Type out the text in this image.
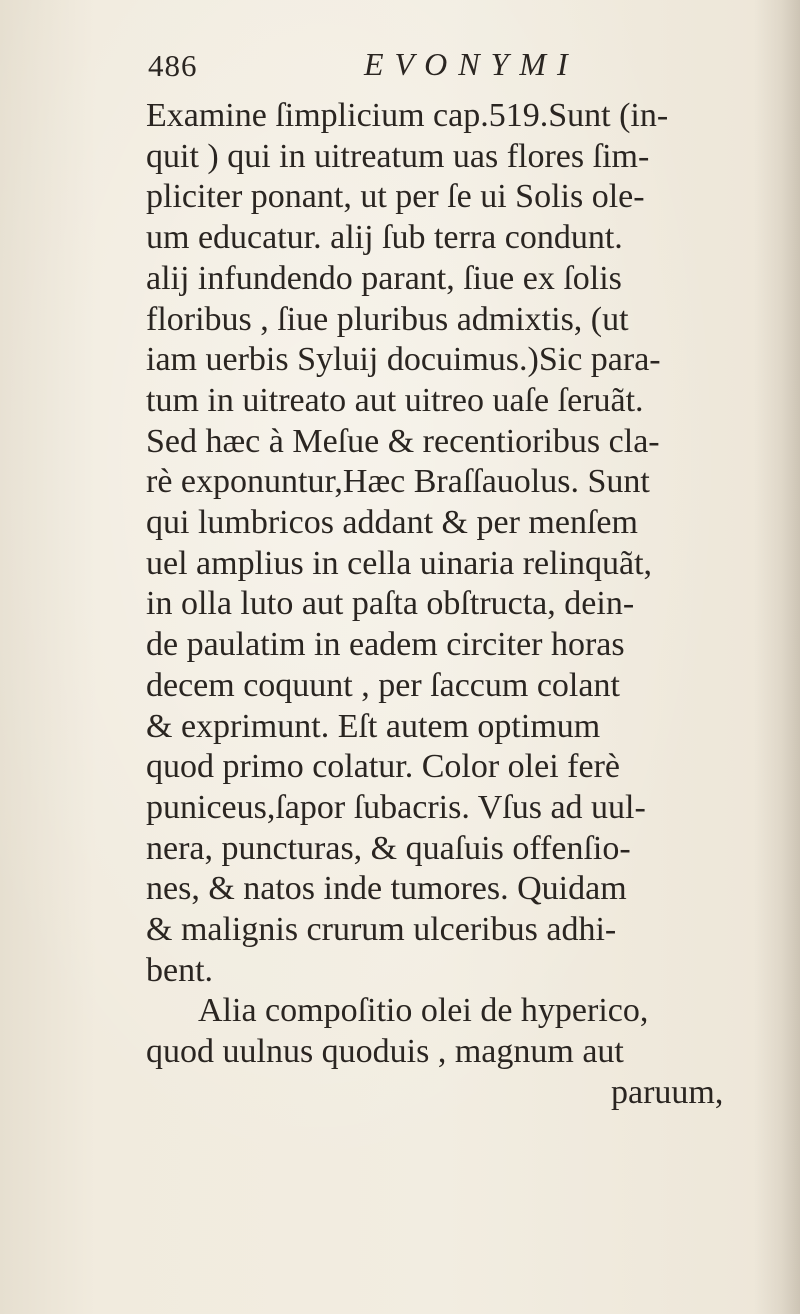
486	EVONYMI
Examine ſimplicium cap.519.Sunt (in-
quit ) qui in uitreatum uas flores ſim-
pliciter ponant, ut per ſe ui Solis ole-
um educatur. alij ſub terra condunt.
alij infundendo parant, ſiue ex ſolis
floribus , ſiue pluribus admixtis, (ut
iam uerbis Syluij docuimus.)Sic para-
tum in uitreato aut uitreo uaſe ſeruãt.
Sed hæc à Meſue & recentioribus cla-
rè exponuntur,Hæc Braſſauolus. Sunt
qui lumbricos addant & per menſem
uel amplius in cella uinaria relinquãt,
in olla luto aut paſta obſtructa, dein-
de paulatim in eadem circiter horas
decem coquunt , per ſaccum colant
& exprimunt. Eſt autem optimum
quod primo colatur. Color olei ferè
puniceus,ſapor ſubacris. Vſus ad uul-
nera, puncturas, & quaſuis offenſio-
nes, & natos inde tumores. Quidam
& malignis crurum ulceribus adhi-
bent.
Alia compoſitio olei de hyperico,
quod uulnus quoduis , magnum aut
paruum,
